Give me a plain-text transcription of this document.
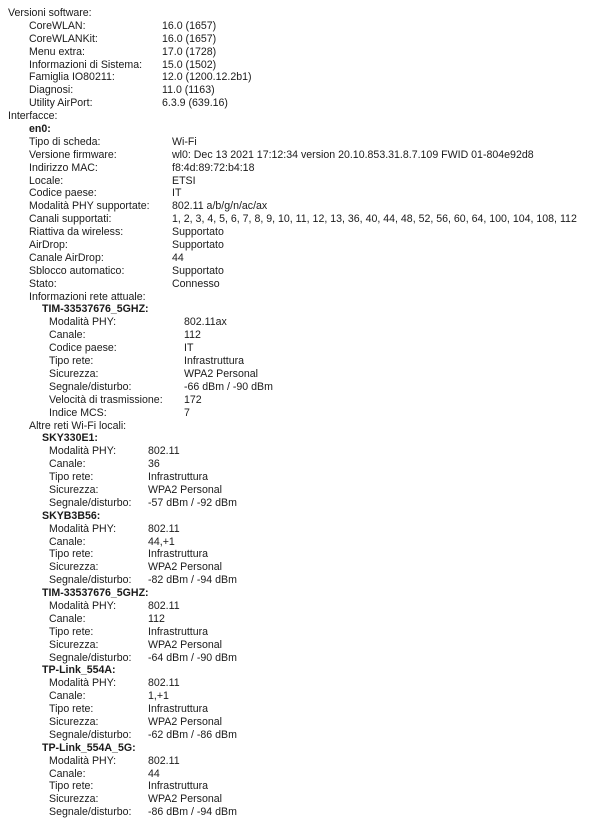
Versioni software:
CoreWLAN:	16.0 (1657)
CoreWLANKit:	16.0 (1657)
Menu extra:	17.0 (1728)
Informazioni di Sistema: 15.0 (1502)
Famiglia IO80211:	12.0 (1200.12.2b1)
Diagnosi:	11.0 (1163)
Utility AirPort:	6.3.9 (639.16)
Interfacce:
en0:
Tipo di scheda:	Wi-Fi
Versione firmware:	wl0: Dec 13 2021 17:12:34 version 20.10.853.31.8.7.109 FWID 01-804e92d8
Indirizzo MAC:	f8:4d:89:72:b4:18
Locale:	ETSI
Codice paese:	IT
Modalità PHY supportate: 802.11 a/b/g/n/ac/ax
Canali supportati:	1, 2, 3, 4, 5, 6, 7, 8, 9, 10, 11, 12, 13, 36, 40, 44, 48, 52, 56, 60, 64, 100, 104, 108, 112
Riattiva da wireless:	Supportato
AirDrop:	Supportato
Canale AirDrop:	44
Sblocco automatico:	Supportato
Stato:	Connesso
Informazioni rete attuale:
TIM-33537676_5GHZ:
Modalità PHY:	802.11ax
Canale:	112
Codice paese:	IT
Tipo rete:	Infrastruttura
Sicurezza:	WPA2 Personal
Segnale/disturbo:	-66 dBm / -90 dBm
Velocità di trasmissione: 172
Indice MCS:	7
Altre reti Wi-Fi locali:
SKY330E1:
Modalità PHY:	802.11
Canale:	36
Tipo rete:	Infrastruttura
Sicurezza:	WPA2 Personal
Segnale/disturbo: -57 dBm / -92 dBm
SKYB3B56:
Modalità PHY:	802.11
Canale:	44,+1
Tipo rete:	Infrastruttura
Sicurezza:	WPA2 Personal
Segnale/disturbo: -82 dBm / -94 dBm
TIM-33537676_5GHZ:
Modalità PHY:	802.11
Canale:	112
Tipo rete:	Infrastruttura
Sicurezza:	WPA2 Personal
Segnale/disturbo: -64 dBm / -90 dBm
TP-Link_554A:
Modalità PHY:	802.11
Canale:	1,+1
Tipo rete:	Infrastruttura
Sicurezza:	WPA2 Personal
Segnale/disturbo: -62 dBm / -86 dBm
TP-Link_554A_5G:
Modalità PHY:	802.11
Canale:	44
Tipo rete:	Infrastruttura
Sicurezza:	WPA2 Personal
Segnale/disturbo: -86 dBm / -94 dBm
